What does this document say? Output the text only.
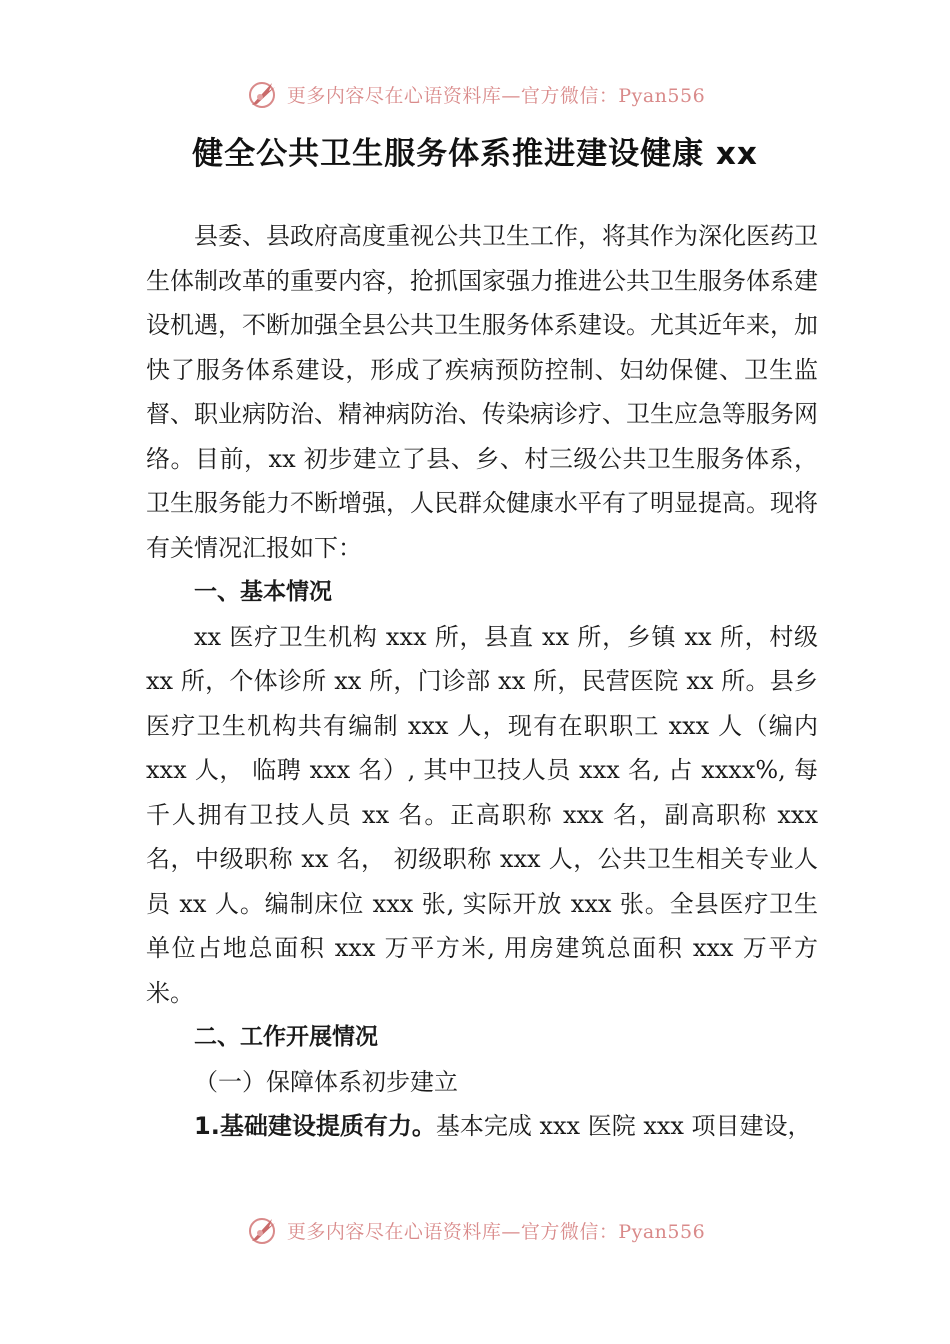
更多内容尽在心语资料库—官方微信：Pyan556
健全公共卫生服务体系推进建设健康 xx

县委、县政府高度重视公共卫生工作，将其作为深化医药卫生体制改革的重要内容，抢抓国家强力推进公共卫生服务体系建设机遇，不断加强全县公共卫生服务体系建设。尤其近年来，加快了服务体系建设，形成了疾病预防控制、妇幼保健、卫生监督、职业病防治、精神病防治、传染病诊疗、卫生应急等服务网络。目前，xx 初步建立了县、乡、村三级公共卫生服务体系，卫生服务能力不断增强，人民群众健康水平有了明显提高。现将有关情况汇报如下：

一、基本情况

xx 医疗卫生机构 xxx 所，县直 xx 所，乡镇 xx 所，村级 xx 所，个体诊所 xx 所，门诊部 xx 所，民营医院 xx 所。县乡医疗卫生机构共有编制 xxx 人，现有在职职工 xxx 人（编内 xxx 人， 临聘 xxx 名）, 其中卫技人员 xxx 名, 占 xxxx%, 每千人拥有卫技人员 xx 名。正高职称 xxx 名，副高职称 xxx 名，中级职称 xx 名， 初级职称 xxx 人，公共卫生相关专业人员 xx 人。编制床位 xxx 张, 实际开放 xxx 张。全县医疗卫生单位占地总面积 xxx 万平方米, 用房建筑总面积 xxx 万平方米。

二、工作开展情况
（一）保障体系初步建立
1.基础建设提质有力。基本完成 xxx 医院 xxx 项目建设，
更多内容尽在心语资料库—官方微信：Pyan556
